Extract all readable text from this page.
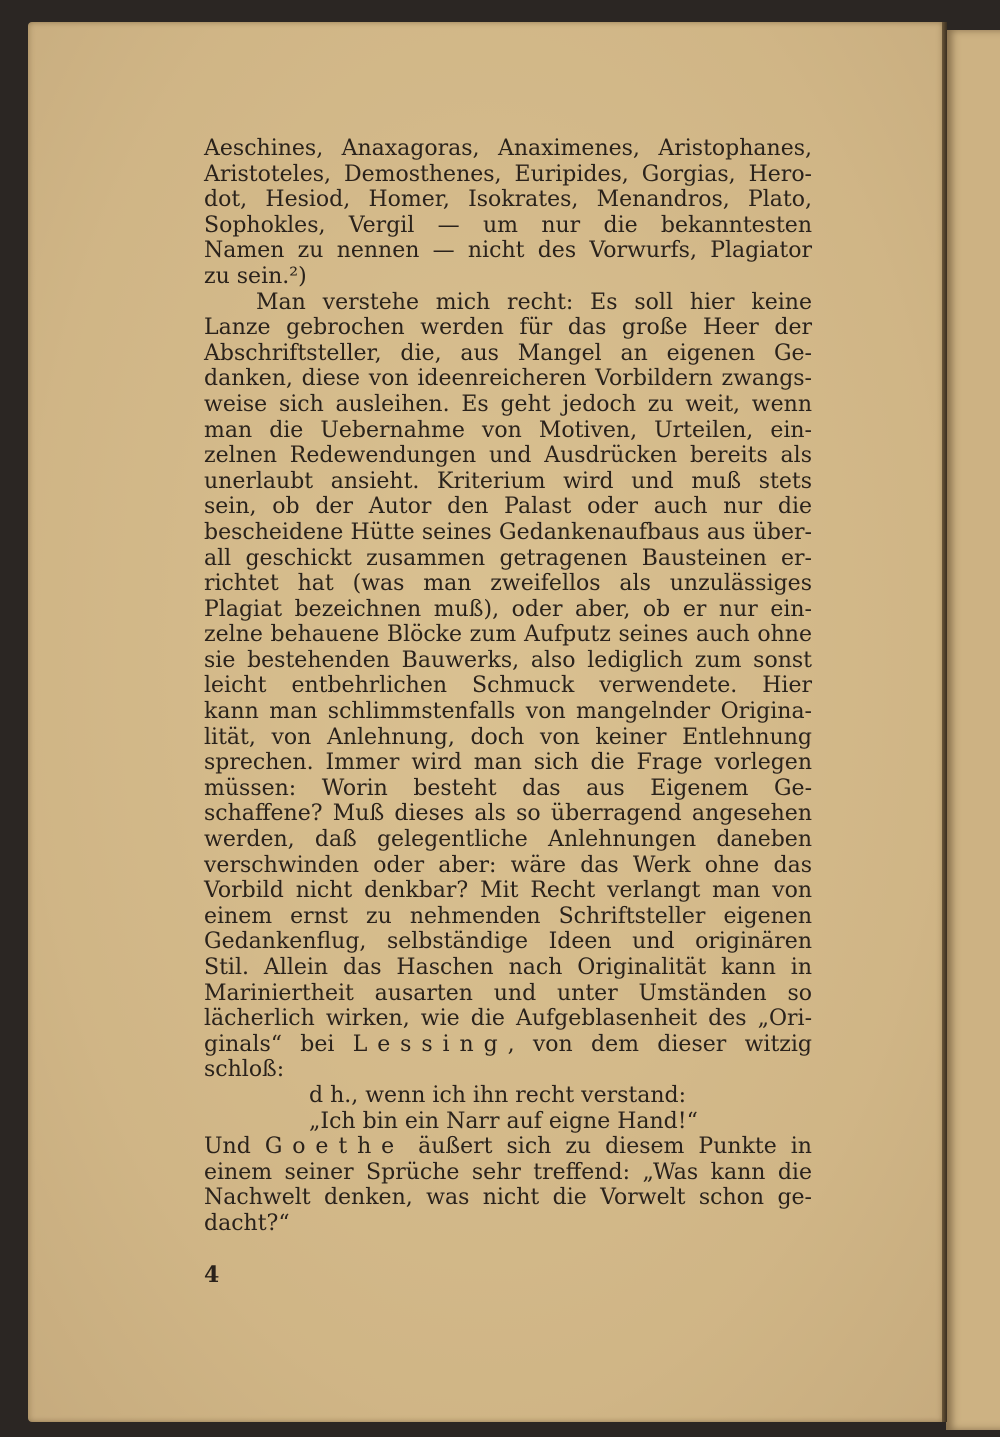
Aeschines, Anaxagoras, Anaximenes, Aristophanes,
Aristoteles, Demosthenes, Euripides, Gorgias, Hero-
dot, Hesiod, Homer, Isokrates, Menandros, Plato,
Sophokles, Vergil — um nur die bekanntesten
Namen zu nennen — nicht des Vorwurfs, Plagiator
zu sein.²)
Man verstehe mich recht: Es soll hier keine
Lanze gebrochen werden für das große Heer der
Abschriftsteller, die, aus Mangel an eigenen Ge-
danken, diese von ideenreicheren Vorbildern zwangs-
weise sich ausleihen. Es geht jedoch zu weit, wenn
man die Uebernahme von Motiven, Urteilen, ein-
zelnen Redewendungen und Ausdrücken bereits als
unerlaubt ansieht. Kriterium wird und muß stets
sein, ob der Autor den Palast oder auch nur die
bescheidene Hütte seines Gedankenaufbaus aus über-
all geschickt zusammen getragenen Bausteinen er-
richtet hat (was man zweifellos als unzulässiges
Plagiat bezeichnen muß), oder aber, ob er nur ein-
zelne behauene Blöcke zum Aufputz seines auch ohne
sie bestehenden Bauwerks, also lediglich zum sonst
leicht entbehrlichen Schmuck verwendete. Hier
kann man schlimmstenfalls von mangelnder Origina-
lität, von Anlehnung, doch von keiner Entlehnung
sprechen. Immer wird man sich die Frage vorlegen
müssen: Worin besteht das aus Eigenem Ge-
schaffene? Muß dieses als so überragend angesehen
werden, daß gelegentliche Anlehnungen daneben
verschwinden oder aber: wäre das Werk ohne das
Vorbild nicht denkbar? Mit Recht verlangt man von
einem ernst zu nehmenden Schriftsteller eigenen
Gedankenflug, selbständige Ideen und originären
Stil. Allein das Haschen nach Originalität kann in
Mariniertheit ausarten und unter Umständen so
lächerlich wirken, wie die Aufgeblasenheit des „Ori-
ginals“ bei Lessing, von dem dieser witzig
schloß:
d h., wenn ich ihn recht verstand:
„Ich bin ein Narr auf eigne Hand!“
Und Goethe äußert sich zu diesem Punkte in
einem seiner Sprüche sehr treffend: „Was kann die
Nachwelt denken, was nicht die Vorwelt schon ge-
dacht?“
4
